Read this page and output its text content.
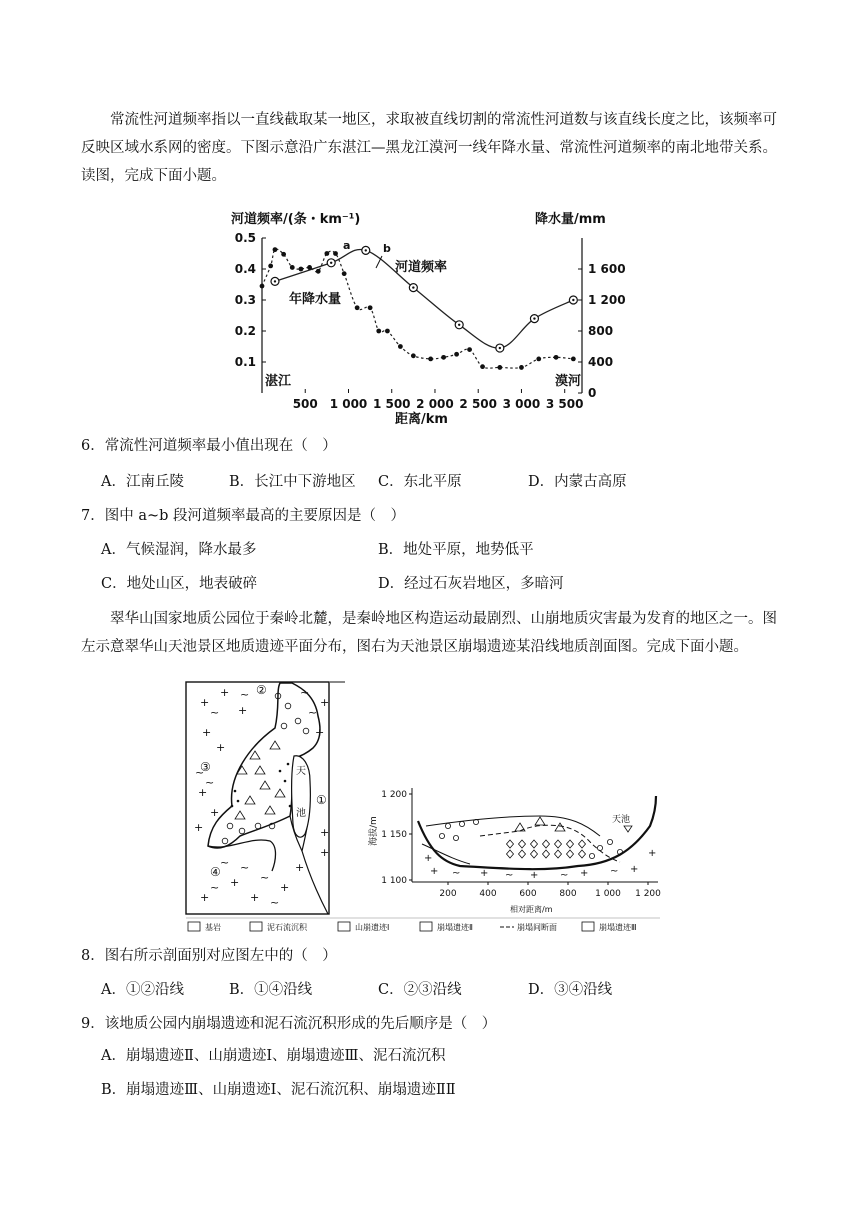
常流性河道频率指以一直线截取某一地区，求取被直线切割的常流性河道数与该直线长度之比，该频率可反映区域水系网的密度。下图示意沿广东湛江—黑龙江漠河一线年降水量、常流性河道频率的南北地带关系。读图，完成下面小题。

河道频率/(条・km⁻¹)	降水量/mm
0.5
0.4
0.3
0.2
0.1
1 600
1 200
800
400
0
500 1 000 1 500 2 000 2 500 3 000 3 500
河道频率
年降水量
a	b
湛江	漠河
距离/km
6．常流性河道频率最小值出现在（　）
A．江南丘陵	B．长江中下游地区 C．东北平原	D．内蒙古高原
7．图中 a~b 段河道频率最高的主要原因是（　）
A．气候湿润，降水最多	B．地处平原，地势低平
C．地处山区，地表破碎	D．经过石灰岩地区，多暗河

翠华山国家地质公园位于秦岭北麓，是秦岭地区构造运动最剧烈、山崩地质灾害最为发育的地区之一。图左示意翠华山天池景区地质遗迹平面分布，图右为天池景区崩塌遗迹某沿线地质剖面图。完成下面小题。

天
池
+
+
+
+
+
+
+
+
+
+
+
+
+
+
+
+
+
~
~
~
~
~ ~
~
~
~
~
~
①
②
③
④
海拔/m
1 200
1 150
1 100
200	400	600	800 1 000 1 200
+	+	+	+	+
+
+
~	~	~	~
天池
相对距离/m
基岩	泥石流沉积	山崩遗迹Ⅰ	崩塌遗迹Ⅱ	崩塌间断面	崩塌遗迹Ⅲ
8．图右所示剖面别对应图左中的（　）
A．①②沿线	B．①④沿线	C．②③沿线	D．③④沿线
9．该地质公园内崩塌遗迹和泥石流沉积形成的先后顺序是（　）
A．崩塌遗迹Ⅱ、山崩遗迹Ⅰ、崩塌遗迹Ⅲ、泥石流沉积
B．崩塌遗迹Ⅲ、山崩遗迹Ⅰ、泥石流沉积、崩塌遗迹ⅡⅡ
